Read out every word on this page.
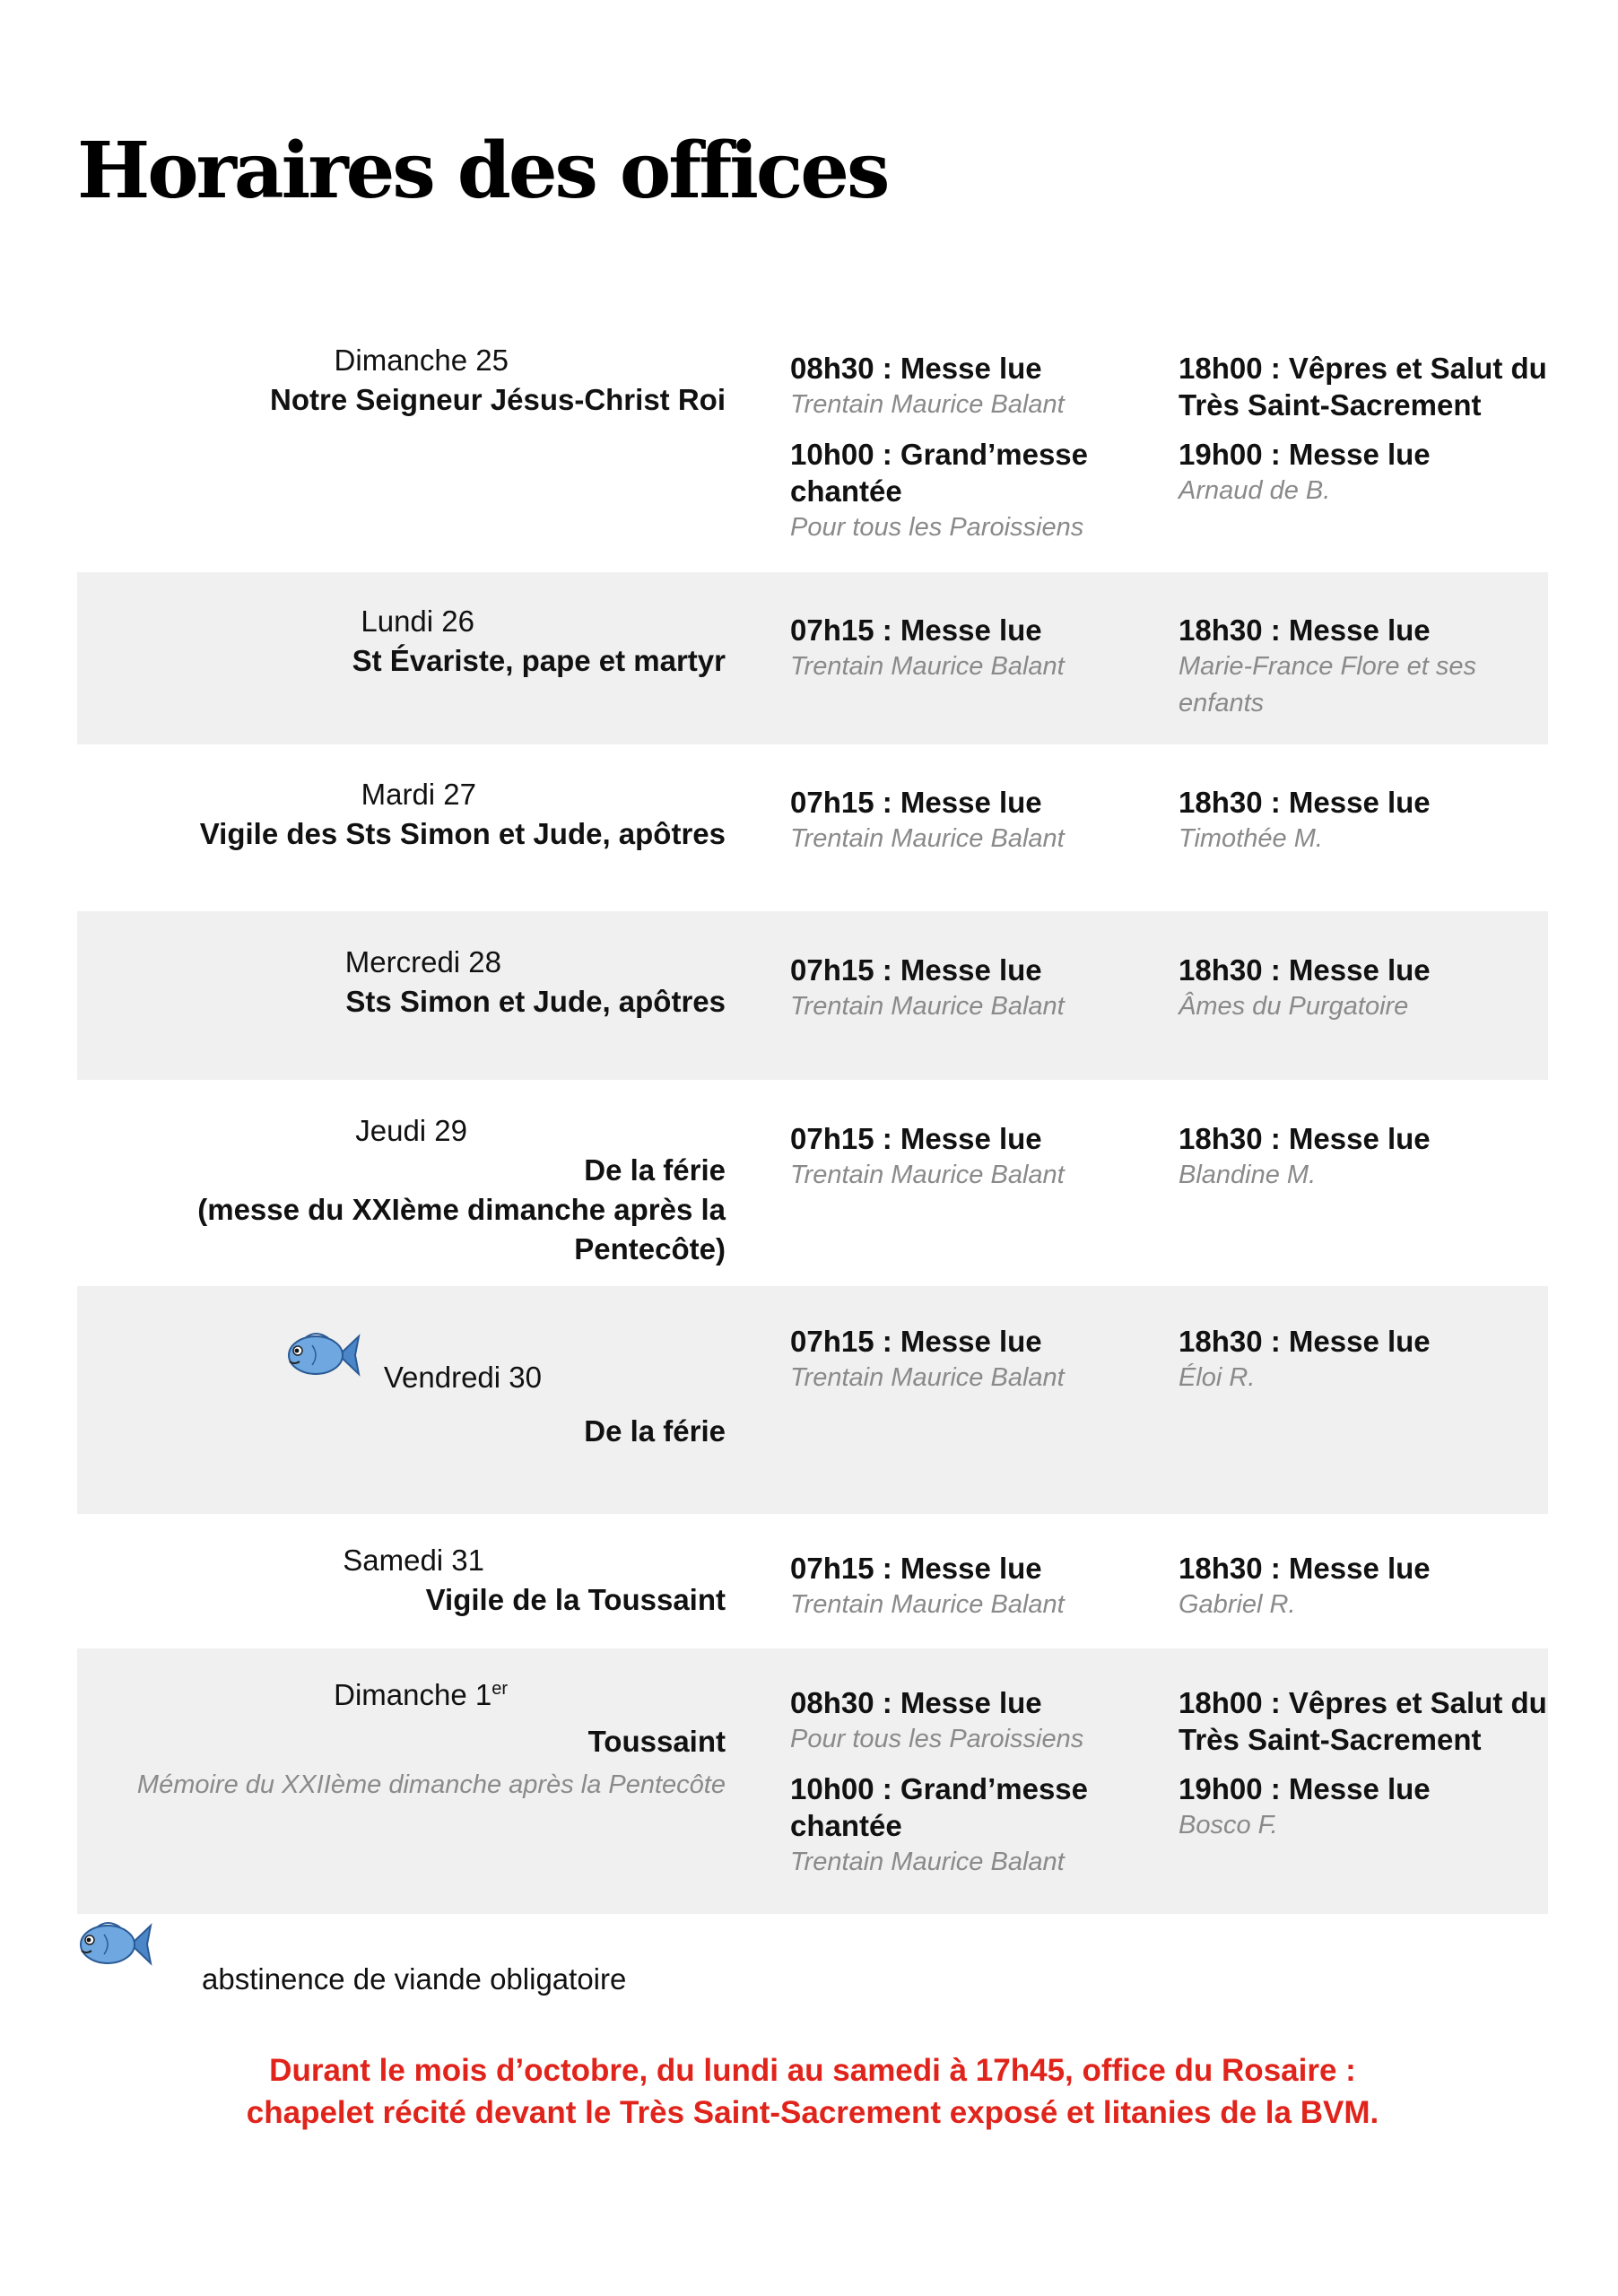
Horaires des offices
Dimanche 25
Notre Seigneur Jésus-Christ Roi
08h30 : Messe lue
Trentain Maurice Balant
10h00 : Grand’messe chantée
Pour tous les Paroissiens
18h00 : Vêpres et Salut du Très Saint-Sacrement
19h00 : Messe lue
Arnaud de B.
Lundi 26
St Évariste, pape et martyr
07h15 : Messe lue
Trentain Maurice Balant
18h30 : Messe lue
Marie-France Flore et ses enfants
Mardi 27
Vigile des Sts Simon et Jude, apôtres
07h15 : Messe lue
Trentain Maurice Balant
18h30 : Messe lue
Timothée M.
Mercredi 28
Sts Simon et Jude, apôtres
07h15 : Messe lue
Trentain Maurice Balant
18h30 : Messe lue
Âmes du Purgatoire
Jeudi 29
De la férie
(messe du XXIème dimanche après la
Pentecôte)
07h15 : Messe lue
Trentain Maurice Balant
18h30 : Messe lue
Blandine M.
Vendredi 30
De la férie
07h15 : Messe lue
Trentain Maurice Balant
18h30 : Messe lue
Éloi R.
Samedi 31
Vigile de la Toussaint
07h15 : Messe lue
Trentain Maurice Balant
18h30 : Messe lue
Gabriel R.
Dimanche 1er
Toussaint
Mémoire du XXIIème dimanche après la Pentecôte
08h30 : Messe lue
Pour tous les Paroissiens
10h00 : Grand’messe chantée
Trentain Maurice Balant
18h00 : Vêpres et Salut du Très Saint-Sacrement
19h00 : Messe lue
Bosco F.
abstinence de viande obligatoire
Durant le mois d’octobre, du lundi au samedi à 17h45, office du Rosaire :
chapelet récité devant le Très Saint-Sacrement exposé et litanies de la BVM.
